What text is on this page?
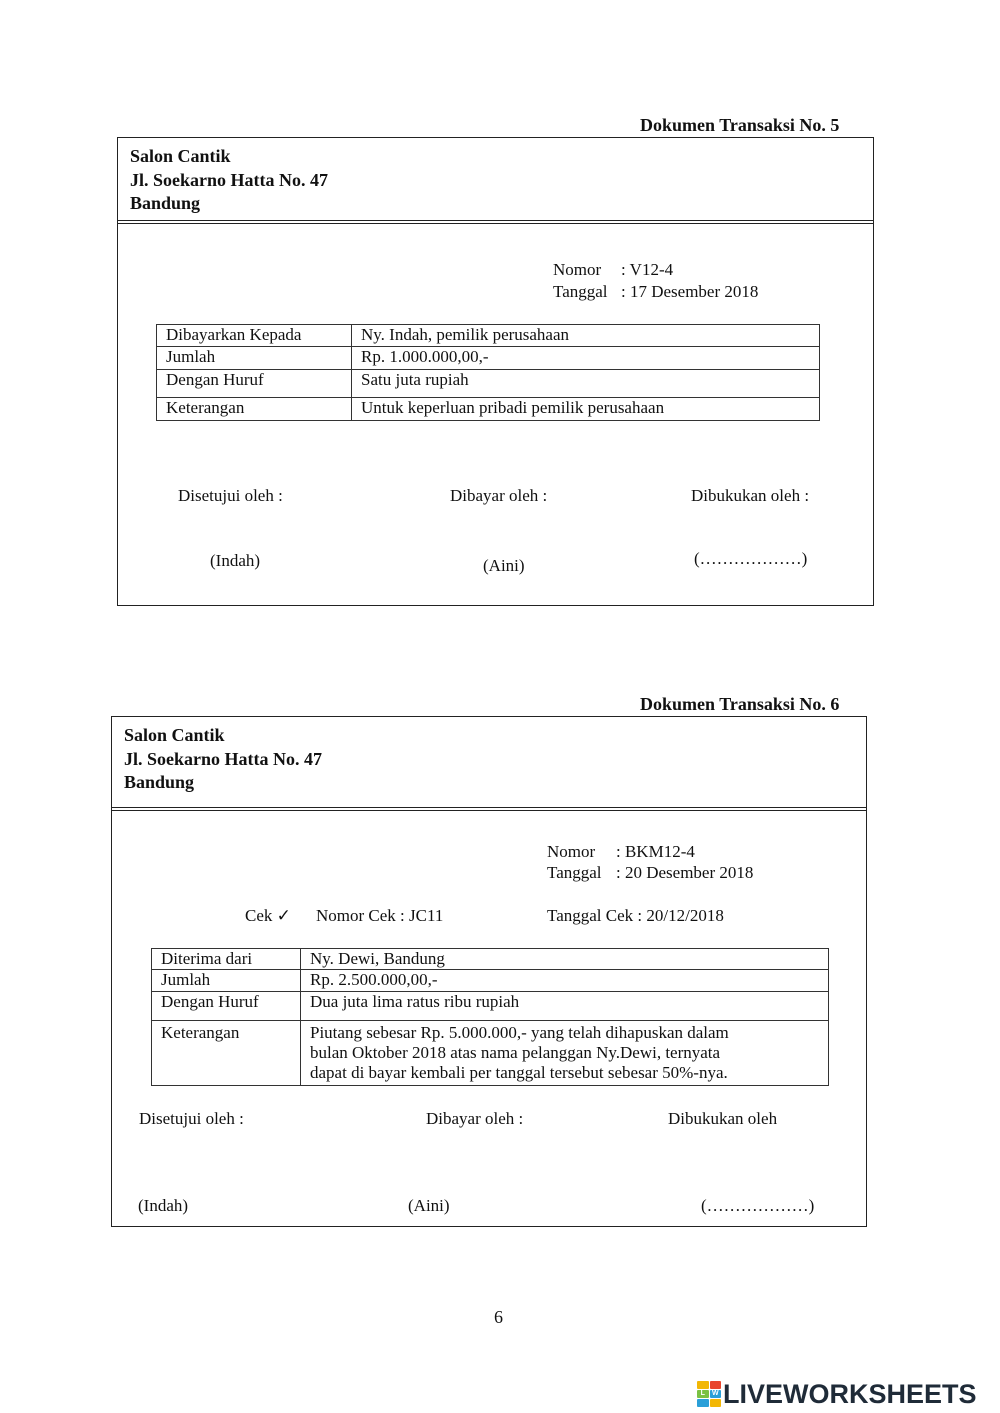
Dokumen Transaksi No. 5
Salon Cantik
Jl. Soekarno Hatta No. 47
Bandung
Nomor : V12-4
Tanggal : 17 Desember 2018
Dibayarkan Kepada	Ny. Indah, pemilik perusahaan
Jumlah	Rp. 1.000.000,00,-
Dengan Huruf	Satu juta rupiah
Keterangan	Untuk keperluan pribadi pemilik perusahaan
Disetujui oleh :	Dibayar oleh :	Dibukukan oleh :
(Indah)	(Aini)	(………………)
Dokumen Transaksi No. 6
Salon Cantik
Jl. Soekarno Hatta No. 47
Bandung
Nomor : BKM12-4
Tanggal : 20 Desember 2018
Cek ✓ Nomor Cek : JC11	Tanggal Cek : 20/12/2018
Diterima dari	Ny. Dewi, Bandung
Jumlah	Rp. 2.500.000,00,-
Dengan Huruf	Dua juta lima ratus ribu rupiah
Keterangan	Piutang sebesar Rp. 5.000.000,- yang telah dihapuskan dalam
bulan Oktober 2018 atas nama pelanggan Ny.Dewi, ternyata
dapat di bayar kembali per tanggal tersebut sebesar 50%-nya.
Disetujui oleh :	Dibayar oleh :	Dibukukan oleh
(Indah)	(Aini)	(………………)
6
L	W LIVEWORKSHEETS
